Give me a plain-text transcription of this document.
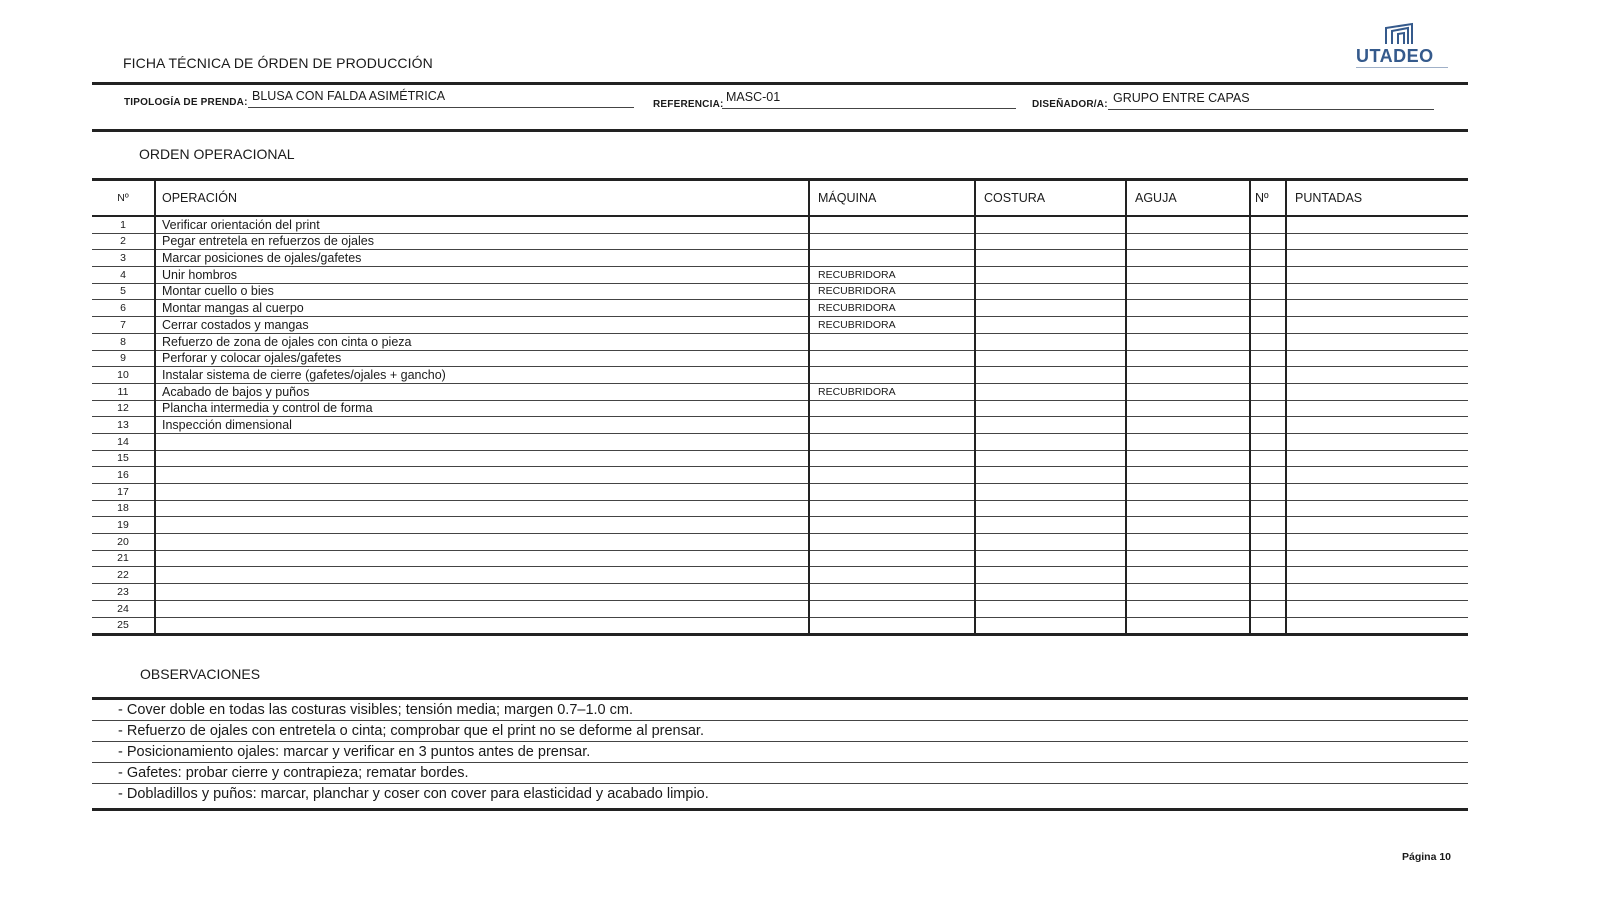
FICHA TÉCNICA DE ÓRDEN DE PRODUCCIÓN	UTADEO
TIPOLOGÍA DE PRENDA: BLUSA CON FALDA ASIMÉTRICA
REFERENCIA:
MASC-01
DISEÑADOR/A: GRUPO ENTRE CAPAS
ORDEN OPERACIONAL
Nº	OPERACIÓN	MÁQUINA	COSTURA	AGUJA	Nº	PUNTADAS
1	Verificar orientación del print					
2	Pegar entretela en refuerzos de ojales					
3	Marcar posiciones de ojales/gafetes					
4	Unir hombros	RECUBRIDORA				
5	Montar cuello o bies	RECUBRIDORA				
6	Montar mangas al cuerpo	RECUBRIDORA				
7	Cerrar costados y mangas	RECUBRIDORA				
8	Refuerzo de zona de ojales con cinta o pieza					
9	Perforar y colocar ojales/gafetes					
10	Instalar sistema de cierre (gafetes/ojales + gancho)					
11	Acabado de bajos y puños	RECUBRIDORA				
12	Plancha intermedia y control de forma					
13	Inspección dimensional					
14						
15						
16						
17						
18						
19						
20						
21						
22						
23						
24						
25						
OBSERVACIONES
- Cover doble en todas las costuras visibles; tensión media; margen 0.7–1.0 cm.
- Refuerzo de ojales con entretela o cinta; comprobar que el print no se deforme al prensar.
- Posicionamiento ojales: marcar y verificar en 3 puntos antes de prensar.
- Gafetes: probar cierre y contrapieza; rematar bordes.
- Dobladillos y puños: marcar, planchar y coser con cover para elasticidad y acabado limpio.
Página 10
